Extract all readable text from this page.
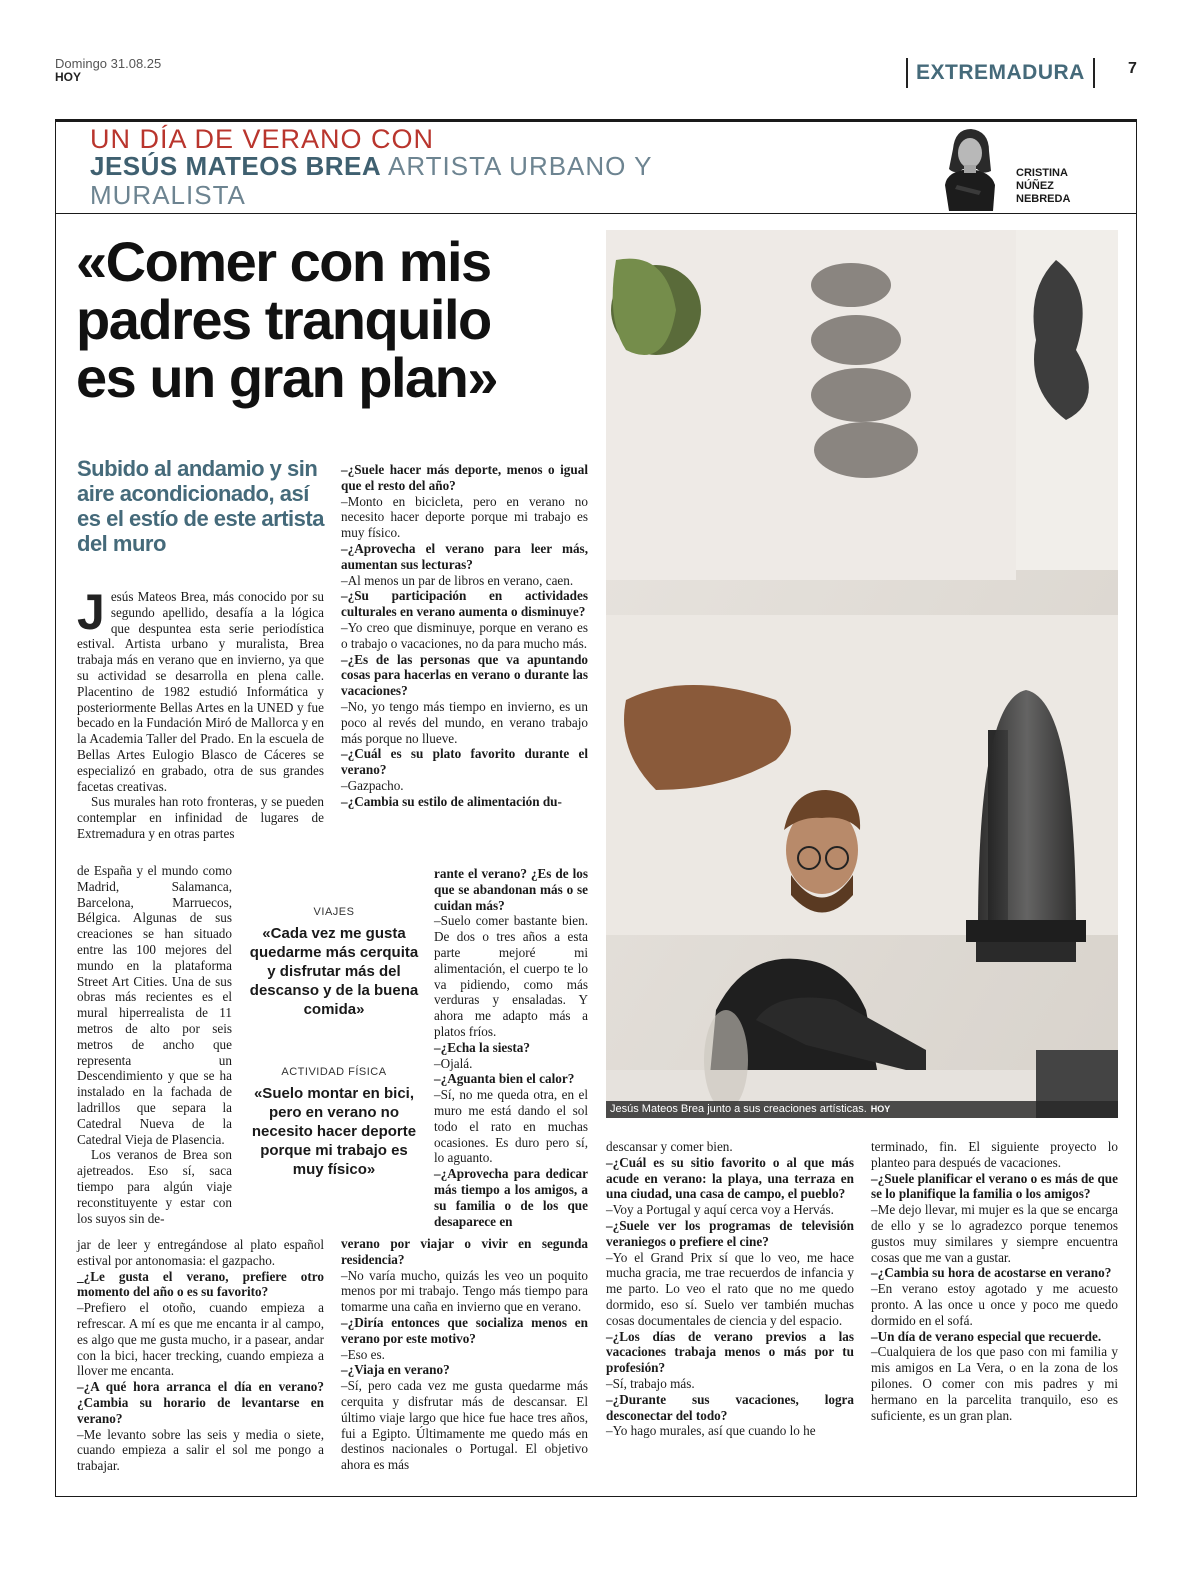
Domingo 31.08.25
HOY	EXTREMADURA	7
UN DÍA DE VERANO CON
JESÚS MATEOS BREA ARTISTA URBANO Y MURALISTA
CRISTINA
NÚÑEZ
NEBREDA
«Comer con mis
padres tranquilo
es un gran plan»
Jesús Mateos Brea junto a sus creaciones artísticas. HOY
Subido al andamio y sin aire acondicionado, así es el estío de este artista del muro

Jesús Mateos Brea, más conocido por su segundo apellido, desafía a la lógica que despuntea esta serie periodística estival. Artista urbano y muralista, Brea trabaja más en verano que en invierno, ya que su actividad se desarrolla en plena calle. Placentino de 1982 estudió Informática y posteriormente Bellas Artes en la UNED y fue becado en la Fundación Miró de Mallorca y en la Academia Taller del Prado. En la escuela de Bellas Artes Eulogio Blasco de Cáceres se especializó en grabado, otra de sus grandes facetas creativas.

Sus murales han roto fronteras, y se pueden contemplar en infinidad de lugares de Extremadura y en otras partes

de España y el mundo como Madrid, Salamanca, Barcelona, Marruecos, Bélgica. Algunas de sus creaciones se han situado entre las 100 mejores del mundo en la plataforma Street Art Cities. Una de sus obras más recientes es el mural hiperrealista de 11 metros de alto por seis metros de ancho que representa un Descendimiento y que se ha instalado en la fachada de ladrillos que separa la Catedral Nueva de la Catedral Vieja de Plasencia.

Los veranos de Brea son ajetreados. Eso sí, saca tiempo para algún viaje reconstituyente y estar con los suyos sin de-

jar de leer y entregándose al plato español estival por antonomasia: el gazpacho.

_¿Le gusta el verano, prefiere otro momento del año o es su favorito?

–Prefiero el otoño, cuando empieza a refrescar. A mí es que me encanta ir al campo, es algo que me gusta mucho, ir a pasear, andar con la bici, hacer trecking, cuando empieza a llover me encanta.

–¿A qué hora arranca el día en verano? ¿Cambia su horario de levantarse en verano?

–Me levanto sobre las seis y media o siete, cuando empieza a salir el sol me pongo a trabajar.

VIAJES
«Cada vez me gusta quedarme más cerquita y disfrutar más del descanso y de la buena comida»
ACTIVIDAD FÍSICA
«Suelo montar en bici, pero en verano no necesito hacer deporte porque mi trabajo es muy físico»

–¿Suele hacer más deporte, menos o igual que el resto del año?

–Monto en bicicleta, pero en verano no necesito hacer deporte porque mi trabajo es muy físico.

–¿Aprovecha el verano para leer más, aumentan sus lecturas?

–Al menos un par de libros en verano, caen.

–¿Su participación en actividades culturales en verano aumenta o disminuye?

–Yo creo que disminuye, porque en verano es o trabajo o vacaciones, no da para mucho más.

–¿Es de las personas que va apuntando cosas para hacerlas en verano o durante las vacaciones?

–No, yo tengo más tiempo en invierno, es un poco al revés del mundo, en verano trabajo más porque no llueve.

–¿Cuál es su plato favorito durante el verano?

–Gazpacho.

–¿Cambia su estilo de alimentación du-

rante el verano? ¿Es de los que se abandonan más o se cuidan más?

–Suelo comer bastante bien. De dos o tres años a esta parte mejoré mi alimentación, el cuerpo te lo va pidiendo, como más verduras y ensaladas. Y ahora me adapto más a platos fríos.

–¿Echa la siesta?

–Ojalá.

–¿Aguanta bien el calor?

–Sí, no me queda otra, en el muro me está dando el sol todo el rato en muchas ocasiones. Es duro pero sí, lo aguanto.

–¿Aprovecha para dedicar más tiempo a los amigos, a su familia o de los que desaparece en

verano por viajar o vivir en segunda residencia?

–No varía mucho, quizás les veo un poquito menos por mi trabajo. Tengo más tiempo para tomarme una caña en invierno que en verano.

–¿Diría entonces que socializa menos en verano por este motivo?

–Eso es.

–¿Viaja en verano?

–Sí, pero cada vez me gusta quedarme más cerquita y disfrutar más de descansar. El último viaje largo que hice fue hace tres años, fui a Egipto. Últimamente me quedo más en destinos nacionales o Portugal. El objetivo ahora es más

descansar y comer bien.

–¿Cuál es su sitio favorito o al que más acude en verano: la playa, una terraza en una ciudad, una casa de campo, el pueblo?

–Voy a Portugal y aquí cerca voy a Hervás.

–¿Suele ver los programas de televisión veraniegos o prefiere el cine?

–Yo el Grand Prix sí que lo veo, me hace mucha gracia, me trae recuerdos de infancia y me parto. Lo veo el rato que no me quedo dormido, eso sí. Suelo ver también muchas cosas documentales de ciencia y del espacio.

–¿Los días de verano previos a las vacaciones trabaja menos o más por tu profesión?

–Sí, trabajo más.

–¿Durante sus vacaciones, logra desconectar del todo?

–Yo hago murales, así que cuando lo he

terminado, fin. El siguiente proyecto lo planteo para después de vacaciones.

–¿Suele planificar el verano o es más de que se lo planifique la familia o los amigos?

–Me dejo llevar, mi mujer es la que se encarga de ello y se lo agradezco porque tenemos gustos muy similares y siempre encuentra cosas que me van a gustar.

–¿Cambia su hora de acostarse en verano?

–En verano estoy agotado y me acuesto pronto. A las once u once y poco me quedo dormido en el sofá.

–Un día de verano especial que recuerde.

–Cualquiera de los que paso con mi familia y mis amigos en La Vera, o en la zona de los pilones. O comer con mis padres y mi hermano en la parcelita tranquilo, eso es suficiente, es un gran plan.
